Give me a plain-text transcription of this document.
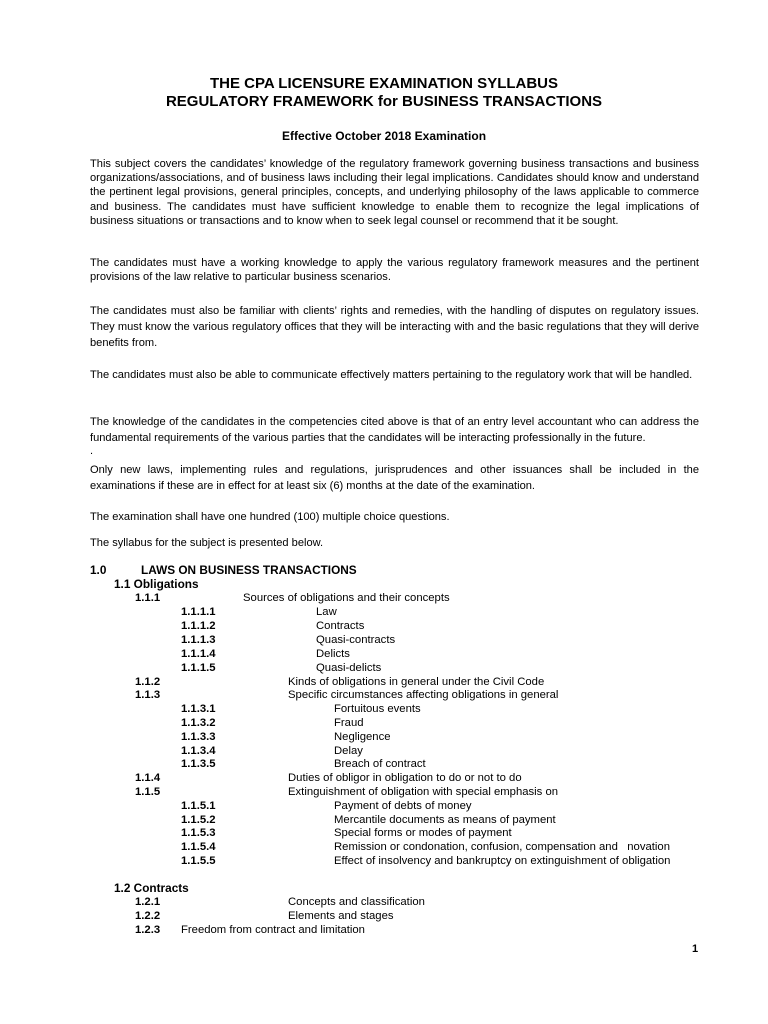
THE CPA LICENSURE EXAMINATION SYLLABUS
REGULATORY FRAMEWORK for BUSINESS TRANSACTIONS
Effective October 2018 Examination
This subject covers the candidates’ knowledge of the regulatory framework governing business transactions and business organizations/associations, and of business laws including their legal implications. Candidates should know and understand the pertinent legal provisions, general principles, concepts, and underlying philosophy of the laws applicable to commerce and business. The candidates must have sufficient knowledge to enable them to recognize the legal implications of business situations or transactions and to know when to seek legal counsel or recommend that it be sought.
The candidates must have a working knowledge to apply the various regulatory framework measures and the pertinent provisions of the law relative to particular business scenarios.
The candidates must also be familiar with clients’ rights and remedies, with the handling of disputes on regulatory issues. They must know the various regulatory offices that they will be interacting with and the basic regulations that they will derive benefits from.
The candidates must also be able to communicate effectively matters pertaining to the regulatory work that will be handled.
The knowledge of the candidates in the competencies cited above is that of an entry level accountant who can address the fundamental requirements of the various parties that the candidates will be interacting professionally in the future.
.
Only new laws, implementing rules and regulations, jurisprudences and other issuances shall be included in the examinations if these are in effect for at least six (6) months at the date of the examination.
The examination shall have one hundred (100) multiple choice questions.
The syllabus for the subject is presented below.
1.0	LAWS ON BUSINESS TRANSACTIONS
1.1 Obligations
1.1.1	Sources of obligations and their concepts
1.1.1.1	Law
1.1.1.2	Contracts
1.1.1.3	Quasi-contracts
1.1.1.4	Delicts
1.1.1.5	Quasi-delicts
1.1.2	Kinds of obligations in general under the Civil Code
1.1.3	Specific circumstances affecting obligations in general
1.1.3.1	Fortuitous events
1.1.3.2	Fraud
1.1.3.3	Negligence
1.1.3.4	Delay
1.1.3.5	Breach of contract
1.1.4	Duties of obligor in obligation to do or not to do
1.1.5	Extinguishment of obligation with special emphasis on
1.1.5.1	Payment of debts of money
1.1.5.2	Mercantile documents as means of payment
1.1.5.3	Special forms or modes of payment
1.1.5.4	Remission or condonation, confusion, compensation and   novation
1.1.5.5	Effect of insolvency and bankruptcy on extinguishment of obligation
1.2 Contracts
1.2.1	Concepts and classification
1.2.2	Elements and stages
1.2.3 Freedom from contract and limitation
1
